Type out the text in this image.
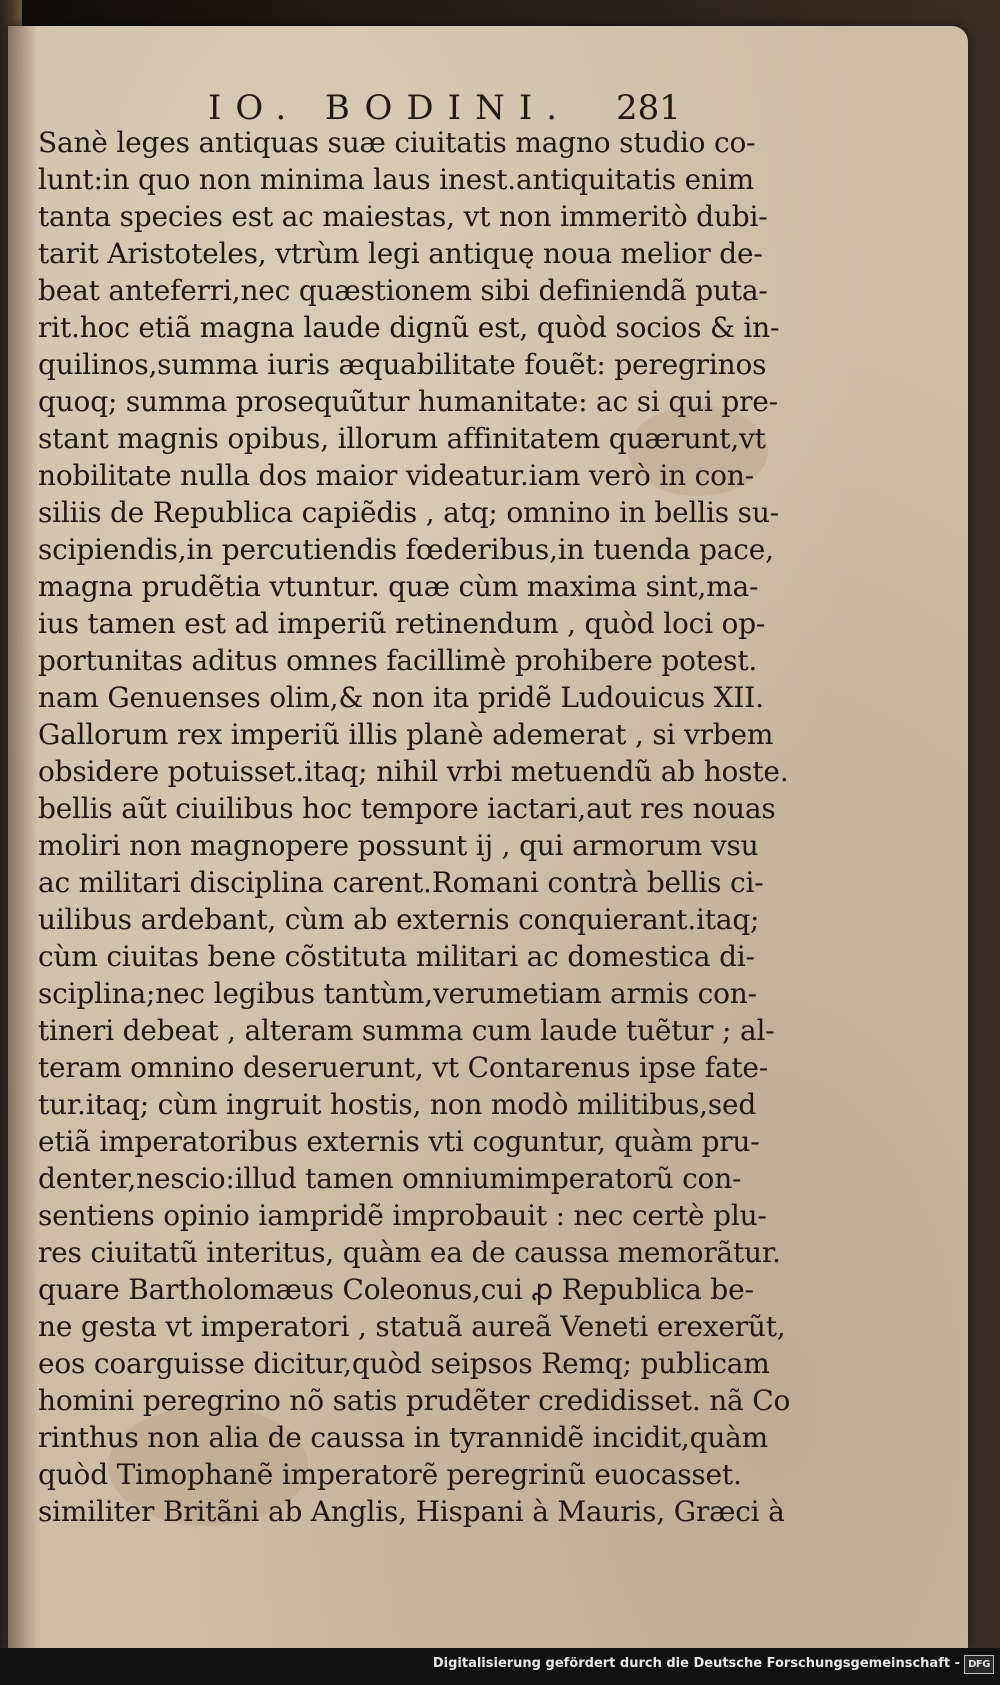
IO. BODINI.	281
Sanè leges antiquas suæ ciuitatis magno studio co-
lunt:in quo non minima laus inest.antiquitatis enim
tanta species est ac maiestas, vt non immeritò dubi-
tarit Aristoteles, vtrùm legi antiquę noua melior de-
beat anteferri,nec quæstionem sibi definiendã puta-
rit.hoc etiã magna laude dignũ est, quòd socios & in-
quilinos,summa iuris æquabilitate fouẽt: peregrinos
quoq; summa prosequũtur humanitate: ac si qui pre-
stant magnis opibus, illorum affinitatem quærunt,vt
nobilitate nulla dos maior videatur.iam verò in con-
siliis de Republica capiẽdis , atq; omnino in bellis su-
scipiendis,in percutiendis fœderibus,in tuenda pace,
magna prudẽtia vtuntur. quæ cùm maxima sint,ma-
ius tamen est ad imperiũ retinendum , quòd loci op-
portunitas aditus omnes facillimè prohibere potest.
nam Genuenses olim,& non ita pridẽ Ludouicus XII.
Gallorum rex imperiũ illis planè ademerat , si vrbem
obsidere potuisset.itaq; nihil vrbi metuendũ ab hoste.
bellis aũt ciuilibus hoc tempore iactari,aut res nouas
moliri non magnopere possunt ij , qui armorum vsu
ac militari disciplina carent.Romani contrà bellis ci-
uilibus ardebant, cùm ab externis conquierant.itaq;
cùm ciuitas bene cõstituta militari ac domestica di-
sciplina;nec legibus tantùm,verumetiam armis con-
tineri debeat , alteram summa cum laude tuẽtur ; al-
teram omnino deseruerunt, vt Contarenus ipse fate-
tur.itaq; cùm ingruit hostis, non modò militibus,sed
etiã imperatoribus externis vti coguntur, quàm pru-
denter,nescio:illud tamen omniumimperatorũ con-
sentiens opinio iampridẽ improbauit : nec certè plu-
res ciuitatũ interitus, quàm ea de caussa memorãtur.
quare Bartholomæus Coleonus,cui ꝓ Republica be-
ne gesta vt imperatori , statuã aureã Veneti erexerũt,
eos coarguisse dicitur,quòd seipsos Remq; publicam
homini peregrino nõ satis prudẽter credidisset. nã Co
rinthus non alia de caussa in tyrannidẽ incidit,quàm
quòd Timophanẽ imperatorẽ peregrinũ euocasset.
similiter Britãni ab Anglis, Hispani à Mauris, Græci à
Digitalisierung gefördert durch die Deutsche Forschungsgemeinschaft - DFG
